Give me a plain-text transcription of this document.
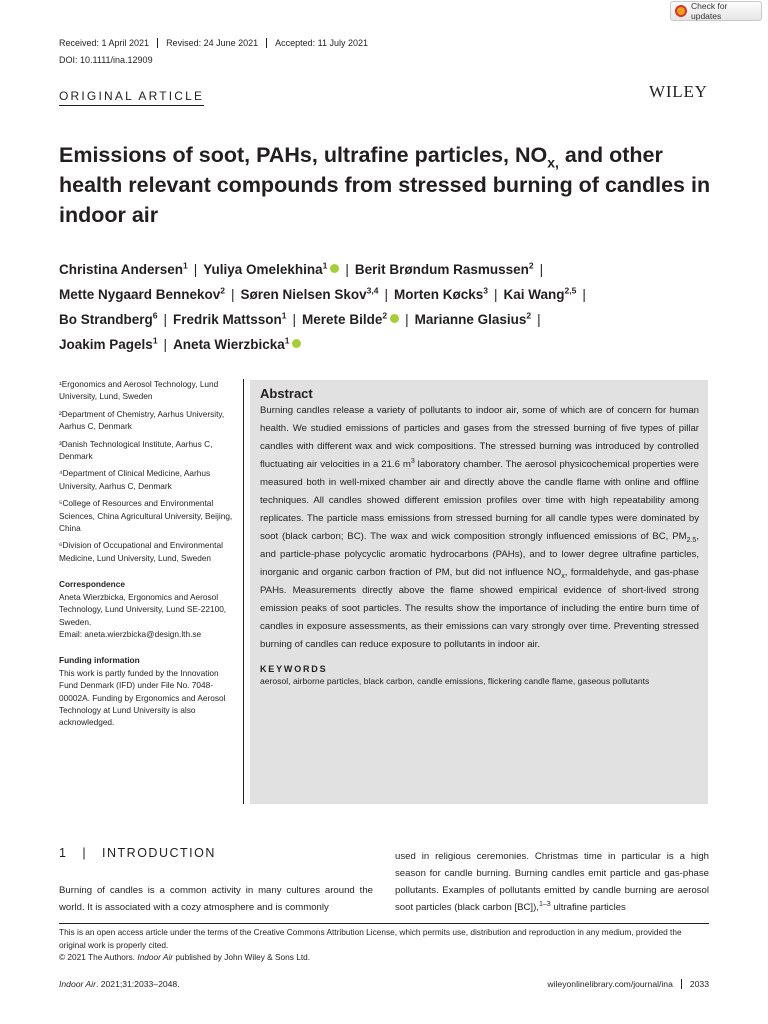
Check for updates
Received: 1 April 2021	Revised: 24 June 2021	Accepted: 11 July 2021
DOI: 10.1111/ina.12909
ORIGINAL ARTICLE	WILEY
Emissions of soot, PAHs, ultrafine particles, $NO_{x,}$ and other health relevant compounds from stressed burning of candles in indoor air
Christina Andersen$^1$ | Yuliya Omelekhina$^1$ | Berit Brøndum Rasmussen$^2$ |
Mette Nygaard Bennekov$^2$ | Søren Nielsen Skov$^{3,4}$ | Morten Køcks$^3$ | Kai Wang$^{2,5}$ |
Bo Strandberg$^6$ | Fredrik Mattsson$^1$ | Merete Bilde$^2$ | Marianne Glasius$^2$ |
Joakim Pagels$^1$ | Aneta Wierzbicka$^1$

¹Ergonomics and Aerosol Technology, Lund University, Lund, Sweden

²Department of Chemistry, Aarhus University, Aarhus C, Denmark

³Danish Technological Institute, Aarhus C, Denmark

⁴Department of Clinical Medicine, Aarhus University, Aarhus C, Denmark

⁵College of Resources and Environmental Sciences, China Agricultural University, Beijing, China

⁶Division of Occupational and Environmental Medicine, Lund University, Lund, Sweden

Correspondence

Aneta Wierzbicka, Ergonomics and Aerosol Technology, Lund University, Lund SE-22100, Sweden.

Email: aneta.wierzbicka@design.lth.se

Funding information

This work is partly funded by the Innovation Fund Denmark (IFD) under File No. 7048-00002A. Funding by Ergonomics and Aerosol Technology at Lund University is also acknowledged.

Abstract
Burning candles release a variety of pollutants to indoor air, some of which are of concern for human health. We studied emissions of particles and gases from the stressed burning of five types of pillar candles with different wax and wick compositions. The stressed burning was introduced by controlled fluctuating air velocities in a 21.6 $m^3$ laboratory chamber. The aerosol physicochemical properties were measured both in well-mixed chamber air and directly above the candle flame with online and offline techniques. All candles showed different emission profiles over time with high repeatability among replicates. The particle mass emissions from stressed burning for all candle types were dominated by soot (black carbon; BC). The wax and wick composition strongly influenced emissions of BC, $PM_{2.5}$, and particle-phase polycyclic aromatic hydrocarbons (PAHs), and to lower degree ultrafine particles, inorganic and organic carbon fraction of PM, but did not influence $NO_x$, formaldehyde, and gas-phase PAHs. Measurements directly above the flame showed empirical evidence of short-lived strong emission peaks of soot particles. The results show the importance of including the entire burn time of candles in exposure assessments, as their emissions can vary strongly over time. Preventing stressed burning of candles can reduce exposure to pollutants in indoor air.
KEYWORDS
aerosol, airborne particles, black carbon, candle emissions, flickering candle flame, gaseous pollutants
1   |   INTRODUCTION
Burning of candles is a common activity in many cultures around the world. It is associated with a cozy atmosphere and is commonly
used in religious ceremonies. Christmas time in particular is a high season for candle burning. Burning candles emit particle and gas-phase pollutants. Examples of pollutants emitted by candle burning are aerosol soot particles (black carbon [BC]),$^{1-3}$ ultrafine particles
This is an open access article under the terms of the Creative Commons Attribution License, which permits use, distribution and reproduction in any medium, provided the original work is properly cited.
© 2021 The Authors. Indoor Air published by John Wiley & Sons Ltd.
Indoor Air. 2021;31:2033–2048.	wileyonlinelibrary.com/journal/ina	2033
